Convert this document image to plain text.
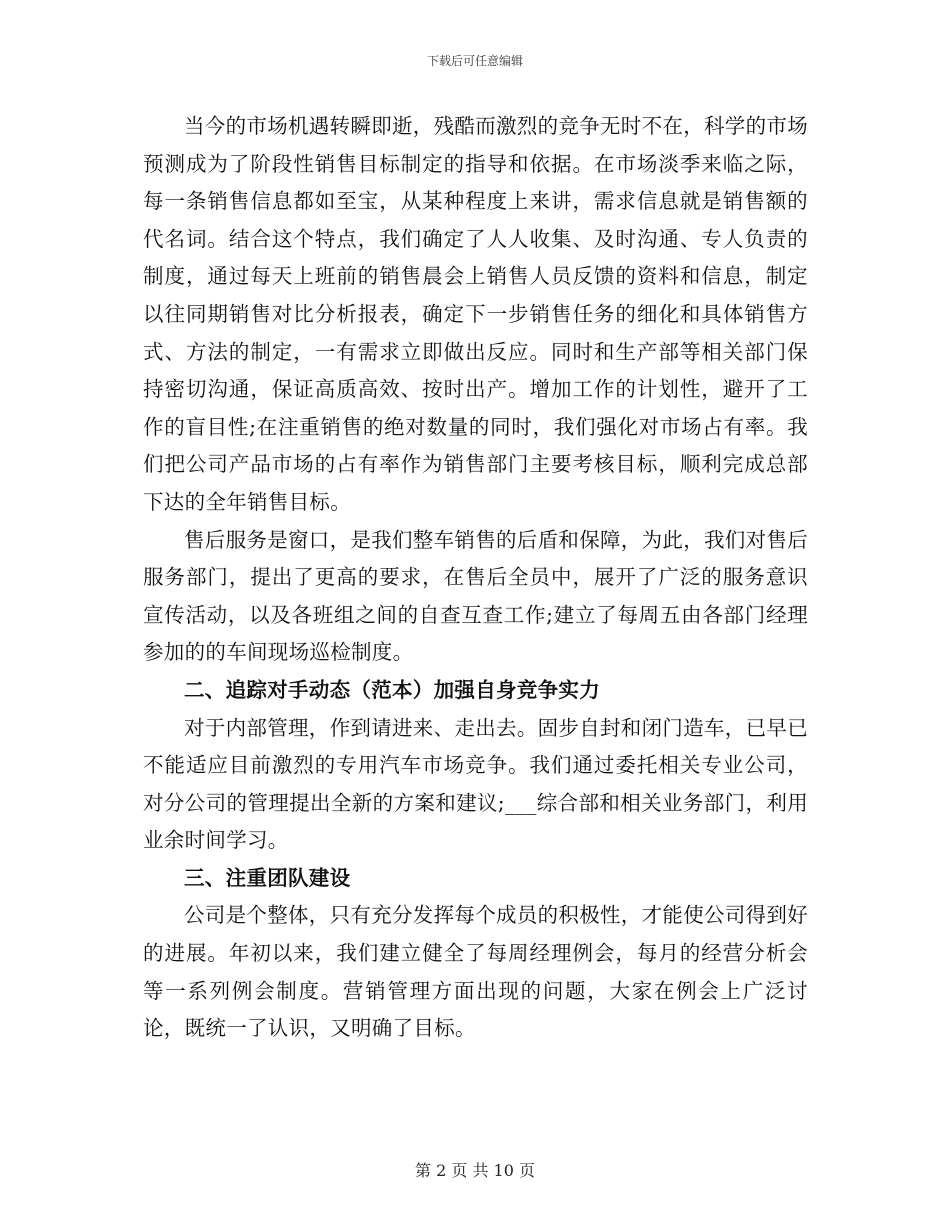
下载后可任意编辑

当今的市场机遇转瞬即逝，残酷而激烈的竞争无时不在，科学的市场预测成为了阶段性销售目标制定的指导和依据。在市场淡季来临之际，每一条销售信息都如至宝，从某种程度上来讲，需求信息就是销售额的代名词。结合这个特点，我们确定了人人收集、及时沟通、专人负责的制度，通过每天上班前的销售晨会上销售人员反馈的资料和信息，制定以往同期销售对比分析报表，确定下一步销售任务的细化和具体销售方式、方法的制定，一有需求立即做出反应。同时和生产部等相关部门保持密切沟通，保证高质高效、按时出产。增加工作的计划性，避开了工作的盲目性;在注重销售的绝对数量的同时，我们强化对市场占有率。我们把公司产品市场的占有率作为销售部门主要考核目标，顺利完成总部下达的全年销售目标。

售后服务是窗口，是我们整车销售的后盾和保障，为此，我们对售后服务部门，提出了更高的要求，在售后全员中，展开了广泛的服务意识宣传活动，以及各班组之间的自查互查工作;建立了每周五由各部门经理参加的的车间现场巡检制度。

二、追踪对手动态（范本）加强自身竞争实力

对于内部管理，作到请进来、走出去。固步自封和闭门造车，已早已不能适应目前激烈的专用汽车市场竞争。我们通过委托相关专业公司，对分公司的管理提出全新的方案和建议;___综合部和相关业务部门，利用业余时间学习。

三、注重团队建设

公司是个整体，只有充分发挥每个成员的积极性，才能使公司得到好的进展。年初以来，我们建立健全了每周经理例会，每月的经营分析会等一系列例会制度。营销管理方面出现的问题，大家在例会上广泛讨论，既统一了认识，又明确了目标。

第 2 页 共 10 页
